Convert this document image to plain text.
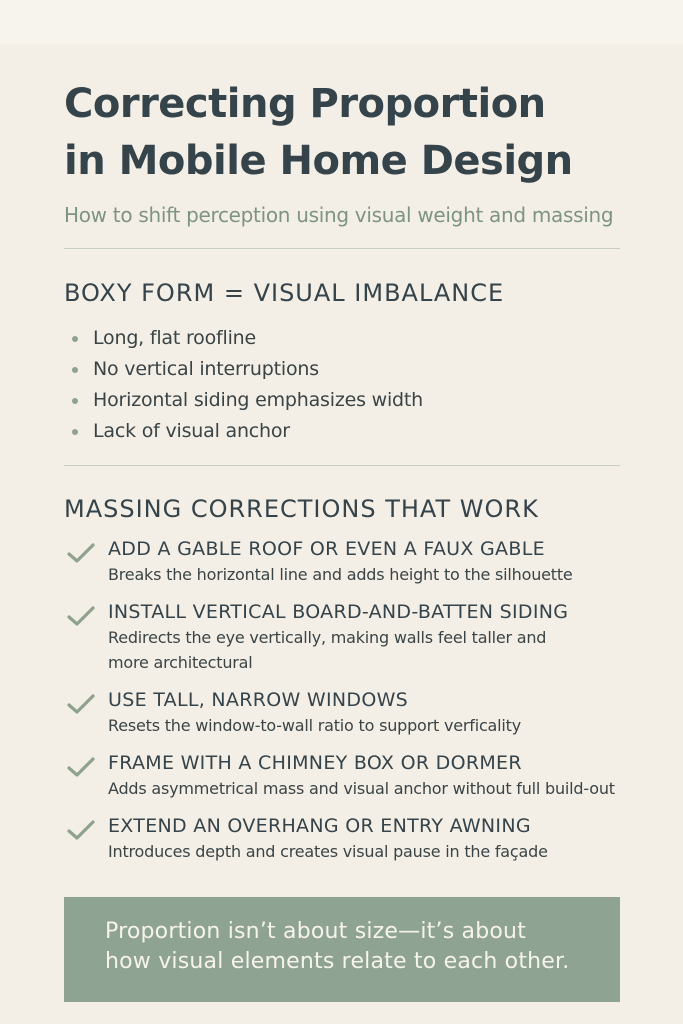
Correcting Proportion
in Mobile Home Design
How to shift perception using visual weight and massing
BOXY FORM = VISUAL IMBALANCE
Long, flat roofline
No vertical interruptions
Horizontal siding emphasizes width
Lack of visual anchor
MASSING CORRECTIONS THAT WORK
ADD A GABLE ROOF OR EVEN A FAUX GABLE
Breaks the horizontal line and adds height to the silhouette
INSTALL VERTICAL BOARD-AND-BATTEN SIDING
Redirects the eye vertically, making walls feel taller and
more architectural
USE TALL, NARROW WINDOWS
Resets the window-to-wall ratio to support verficality
FRAME WITH A CHIMNEY BOX OR DORMER
Adds asymmetrical mass and visual anchor without full build-out
EXTEND AN OVERHANG OR ENTRY AWNING
Introduces depth and creates visual pause in the façade
Proportion isn’t about size—it’s about
how visual elements relate to each other.
